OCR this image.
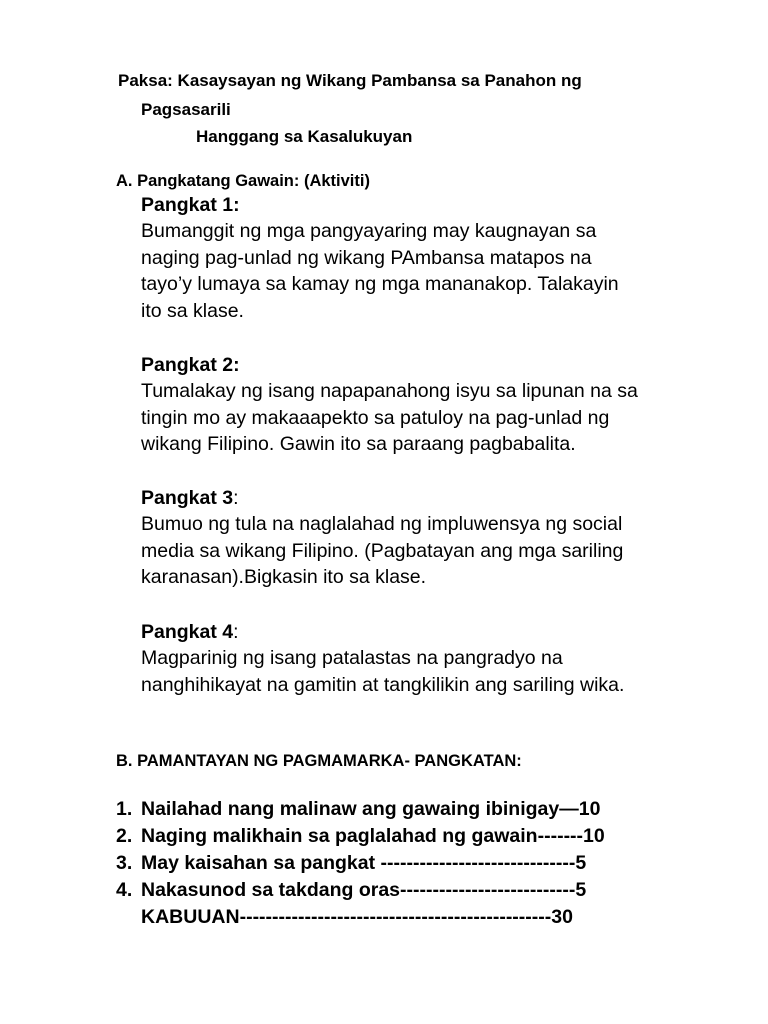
Paksa: Kasaysayan ng Wikang Pambansa sa Panahon ng
Pagsasarili
Hanggang sa Kasalukuyan
A. Pangkatang Gawain: (Aktiviti)
Pangkat 1:
Bumanggit ng mga pangyayaring may kaugnayan sa
naging pag-unlad ng wikang PAmbansa matapos na
tayo’y lumaya sa kamay ng mga mananakop. Talakayin
ito sa klase.
Pangkat 2:
Tumalakay ng isang napapanahong isyu sa lipunan na sa
tingin mo ay makaaapekto sa patuloy na pag-unlad ng
wikang Filipino. Gawin ito sa paraang pagbabalita.
Pangkat 3:
Bumuo ng tula na naglalahad ng impluwensya ng social
media sa wikang Filipino. (Pagbatayan ang mga sariling
karanasan).Bigkasin ito sa klase.
Pangkat 4:
Magparinig ng isang patalastas na pangradyo na
nanghihikayat na gamitin at tangkilikin ang sariling wika.
B. PAMANTAYAN NG PAGMAMARKA- PANGKATAN:
1. Nailahad nang malinaw ang gawaing ibinigay—10
2. Naging malikhain sa paglalahad ng gawain-------10
3. May kaisahan sa pangkat ------------------------------5
4. Nakasunod sa takdang oras---------------------------5
KABUUAN------------------------------------------------30
